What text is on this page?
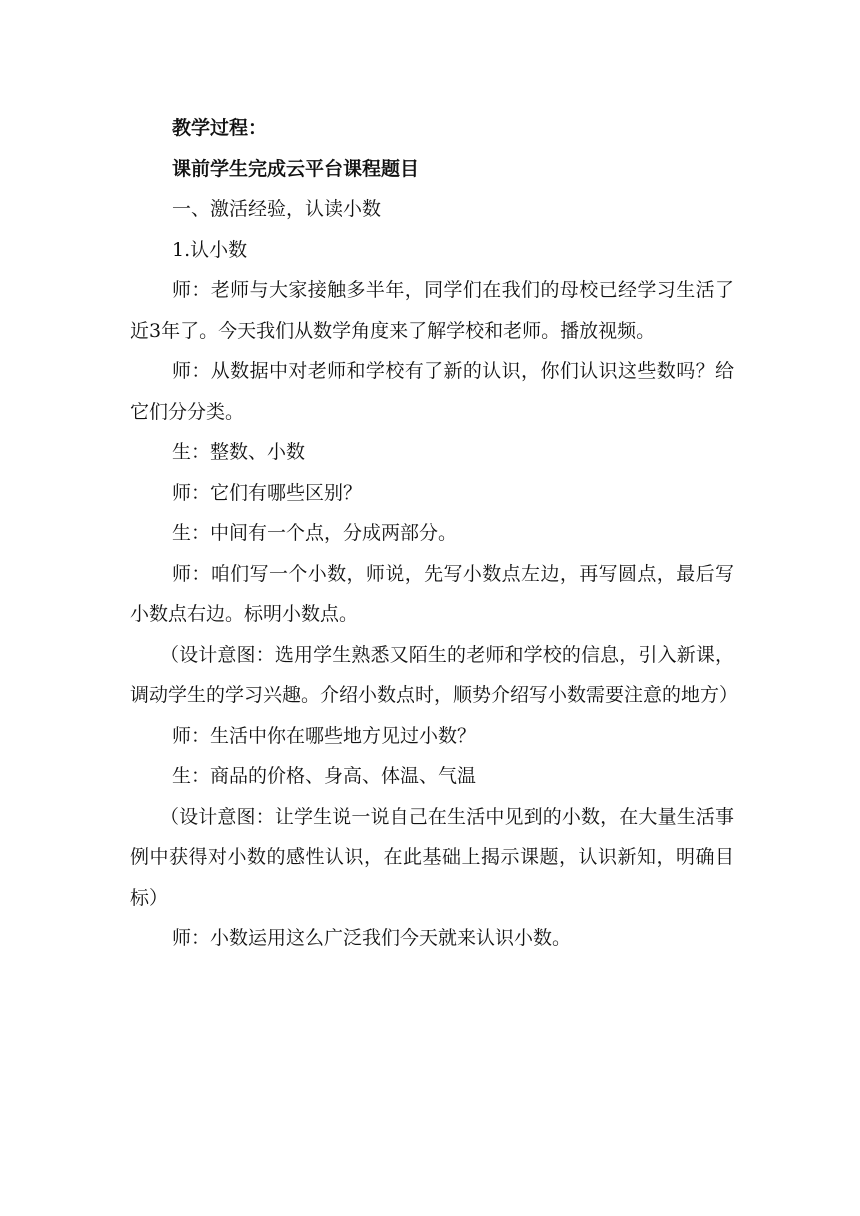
教学过程：

课前学生完成云平台课程题目

一、激活经验，认读小数

1.认小数

师：老师与大家接触多半年，同学们在我们的母校已经学习生活了近3年了。今天我们从数学角度来了解学校和老师。播放视频。

师：从数据中对老师和学校有了新的认识，你们认识这些数吗？给它们分分类。

生：整数、小数

师：它们有哪些区别？

生：中间有一个点，分成两部分。

师：咱们写一个小数，师说，先写小数点左边，再写圆点，最后写小数点右边。标明小数点。

（设计意图：选用学生熟悉又陌生的老师和学校的信息，引入新课，调动学生的学习兴趣。介绍小数点时，顺势介绍写小数需要注意的地方）

师：生活中你在哪些地方见过小数？

生：商品的价格、身高、体温、气温

（设计意图：让学生说一说自己在生活中见到的小数，在大量生活事例中获得对小数的感性认识，在此基础上揭示课题，认识新知，明确目标）

师：小数运用这么广泛我们今天就来认识小数。
